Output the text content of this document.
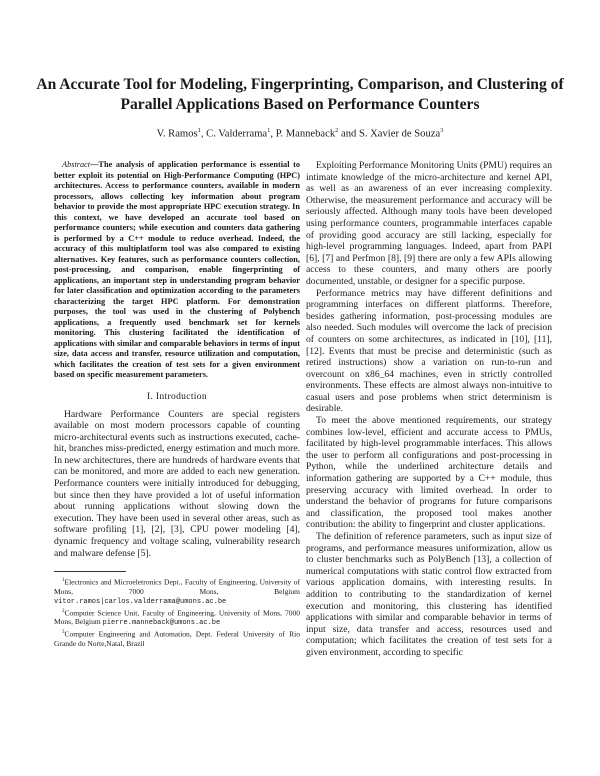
An Accurate Tool for Modeling, Fingerprinting, Comparison, and Clustering of Parallel Applications Based on Performance Counters
V. Ramos$^1$, C. Valderrama$^1$, P. Manneback$^2$ and S. Xavier de Souza$^3$

Abstract—The analysis of application performance is essential to better exploit its potential on High-Performance Computing (HPC) architectures. Access to performance counters, available in modern processors, allows collecting key information about program behavior to provide the most appropriate HPC execution strategy. In this context, we have developed an accurate tool based on performance counters; while execution and counters data gathering is performed by a C++ module to reduce overhead. Indeed, the accuracy of this multiplatform tool was also compared to existing alternatives. Key features, such as performance counters collection, post-processing, and comparison, enable fingerprinting of applications, an important step in understanding program behavior for later classification and optimization according to the parameters characterizing the target HPC platform. For demonstration purposes, the tool was used in the clustering of Polybench applications, a frequently used benchmark set for kernels monitoring. This clustering facilitated the identification of applications with similar and comparable behaviors in terms of input size, data access and transfer, resource utilization and computation, which facilitates the creation of test sets for a given environment based on specific measurement parameters.

I. Introduction

Hardware Performance Counters are special registers available on most modern processors capable of counting micro-architectural events such as instructions executed, cache-hit, branches miss-predicted, energy estimation and much more. In new architectures, there are hundreds of hardware events that can be monitored, and more are added to each new generation. Performance counters were initially introduced for debugging, but since then they have provided a lot of useful information about running applications without slowing down the execution. They have been used in several other areas, such as software profiling [1], [2], [3], CPU power modeling [4], dynamic frequency and voltage scaling, vulnerability research and malware defense [5].

$^1$Electronics and Microeletronics Dept., Faculty of Engineering, University of Mons, 7000 Mons, Belgium vitor.ramos|carlos.valderrama@umons.ac.be

$^2$Computer Science Unit, Faculty of Engineering, University of Mons, 7000 Mons, Belgium pierre.manneback@umons.ac.be

$^3$Computer Engineering and Automation, Dept. Federal University of Rio Grande do Norte,Natal, Brazil

Exploiting Performance Monitoring Units (PMU) requires an intimate knowledge of the micro-architecture and kernel API, as well as an awareness of an ever increasing complexity. Otherwise, the measurement performance and accuracy will be seriously affected. Although many tools have been developed using performance counters, programmable interfaces capable of providing good accuracy are still lacking, especially for high-level programming languages. Indeed, apart from PAPI [6], [7] and Perfmon [8], [9] there are only a few APIs allowing access to these counters, and many others are poorly documented, unstable, or designer for a specific purpose.

Performance metrics may have different definitions and programming interfaces on different platforms. Therefore, besides gathering information, post-processing modules are also needed. Such modules will overcome the lack of precision of counters on some architectures, as indicated in [10], [11], [12]. Events that must be precise and deterministic (such as retired instructions) show a variation on run-to-run and overcount on x86_64 machines, even in strictly controlled environments. These effects are almost always non-intuitive to casual users and pose problems when strict determinism is desirable.

To meet the above mentioned requirements, our strategy combines low-level, efficient and accurate access to PMUs, facilitated by high-level programmable interfaces. This allows the user to perform all configurations and post-processing in Python, while the underlined architecture details and information gathering are supported by a C++ module, thus preserving accuracy with limited overhead. In order to understand the behavior of programs for future comparisons and classification, the proposed tool makes another contribution: the ability to fingerprint and cluster applications.

The definition of reference parameters, such as input size of programs, and performance measures uniformization, allow us to cluster benchmarks such as PolyBench [13], a collection of numerical computations with static control flow extracted from various application domains, with interesting results. In addition to contributing to the standardization of kernel execution and monitoring, this clustering has identified applications with similar and comparable behavior in terms of input size, data transfer and access, resources used and computation; which facilitates the creation of test sets for a given environment, according to specific
